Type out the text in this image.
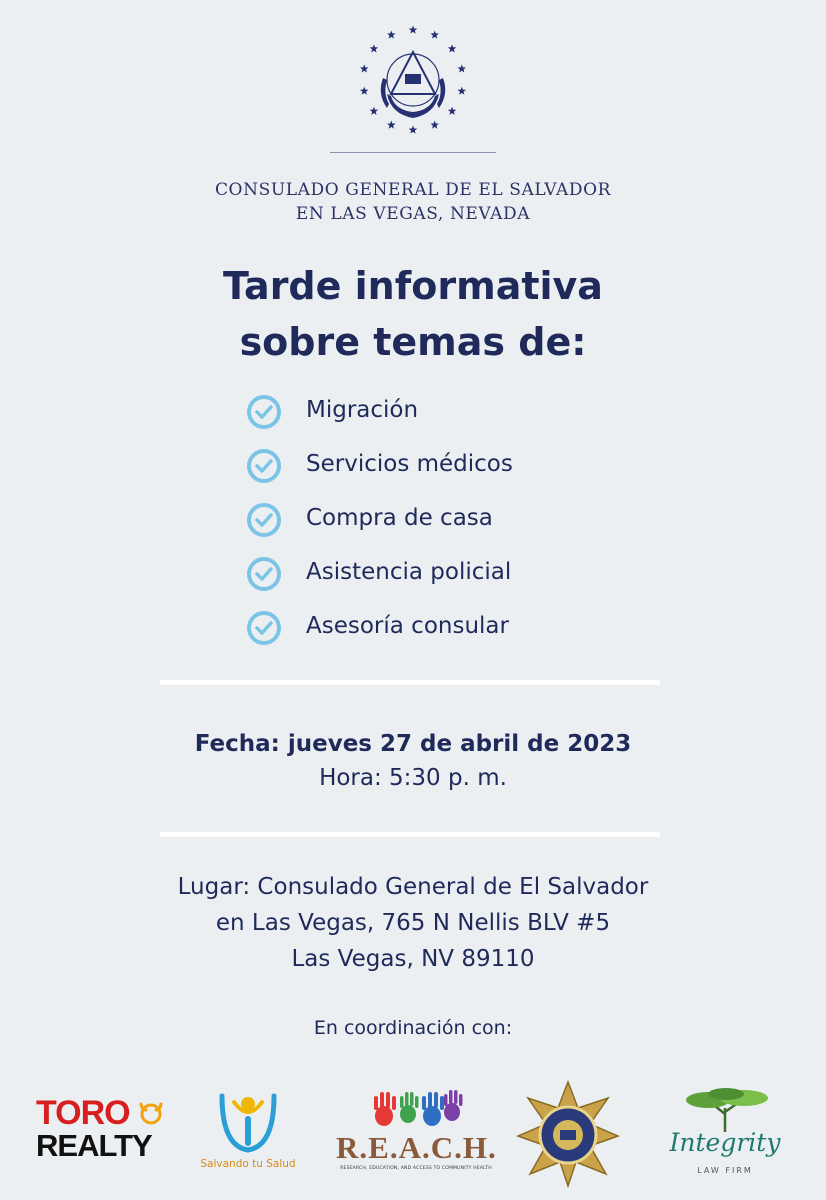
CONSULADO GENERAL DE EL SALVADOR
EN LAS VEGAS, NEVADA
Tarde informativa
sobre temas de:
Migración
Servicios médicos
Compra de casa
Asistencia policial
Asesoría consular
Fecha: jueves 27 de abril de 2023
Hora: 5:30 p. m.
Lugar: Consulado General de El Salvador
en Las Vegas, 765 N Nellis BLV #5
Las Vegas, NV 89110
En coordinación con:
TORO
REALTY
Salvando tu Salud R.E.A.C.H.
RESEARCH, EDUCATION, AND ACCESS TO COMMUNITY HEALTH
Integrity
LAW FIRM
